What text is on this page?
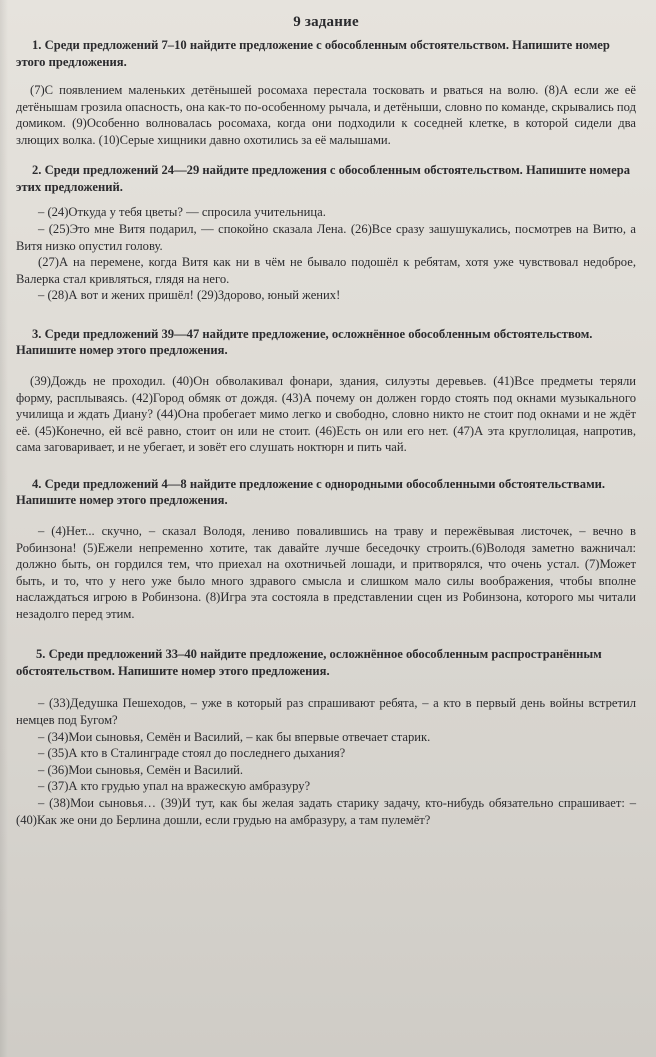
9 задание

1. Среди предложений 7–10 найдите предложение с обособленным обстоятельством. Напишите номер этого предложения.

(7)С появлением маленьких детёнышей росомаха перестала тосковать и рваться на волю. (8)А если же её детёнышам грозила опасность, она как-то по-особенному рычала, и детёныши, словно по команде, скрывались под домиком. (9)Особенно волновалась росомаха, когда они подходили к соседней клетке, в которой сидели два злющих волка. (10)Серые хищники давно охотились за её малышами.

2. Среди предложений 24—29 найдите предложения с обособленным обстоятельством. Напишите номера этих предложений.

– (24)Откуда у тебя цветы? — спросила учительница.

– (25)Это мне Витя подарил, — спокойно сказала Лена. (26)Все сразу зашушукались, посмотрев на Витю, а Витя низко опустил голову.

(27)А на перемене, когда Витя как ни в чём не бывало подошёл к ребятам, хотя уже чувствовал недоброе, Валерка стал кривляться, глядя на него.

– (28)А вот и жених пришёл! (29)Здорово, юный жених!

3. Среди предложений 39—47 найдите предложение, осложнённое обособленным обстоятельством. Напишите номер этого предложения.

(39)Дождь не проходил. (40)Он обволакивал фонари, здания, силуэты деревьев. (41)Все предметы теряли форму, расплываясь. (42)Город обмяк от дождя. (43)А почему он должен гордо стоять под окнами музыкального училища и ждать Диану? (44)Она пробегает мимо легко и свободно, словно никто не стоит под окнами и не ждёт её. (45)Конечно, ей всё равно, стоит он или не стоит. (46)Есть он или его нет. (47)А эта круглолицая, напротив, сама заговаривает, и не убегает, и зовёт его слушать ноктюрн и пить чай.

4. Среди предложений 4—8 найдите предложение с однородными обособленными обстоятельствами. Напишите номер этого предложения.

– (4)Нет... скучно, – сказал Володя, лениво повалившись на траву и пережёвывая листочек, – вечно в Робинзона! (5)Ежели непременно хотите, так давайте лучше беседочку строить.(6)Володя заметно важничал: должно быть, он гордился тем, что приехал на охотничьей лошади, и притворялся, что очень устал. (7)Может быть, и то, что у него уже было много здравого смысла и слишком мало силы воображения, чтобы вполне наслаждаться игрою в Робинзона. (8)Игра эта состояла в представлении сцен из Робинзона, которого мы читали незадолго перед этим.

5. Среди предложений 33–40 найдите предложение, осложнённое обособленным распространённым обстоятельством. Напишите номер этого предложения.

– (33)Дедушка Пешеходов, – уже в который раз спрашивают ребята, – а кто в первый день войны встретил немцев под Бугом?

– (34)Мои сыновья, Семён и Василий, – как бы впервые отвечает старик.

– (35)А кто в Сталинграде стоял до последнего дыхания?

– (36)Мои сыновья, Семён и Василий.

– (37)А кто грудью упал на вражескую амбразуру?

– (38)Мои сыновья… (39)И тут, как бы желая задать старику задачу, кто-нибудь обязательно спрашивает: – (40)Как же они до Берлина дошли, если грудью на амбразуру, а там пулемёт?
